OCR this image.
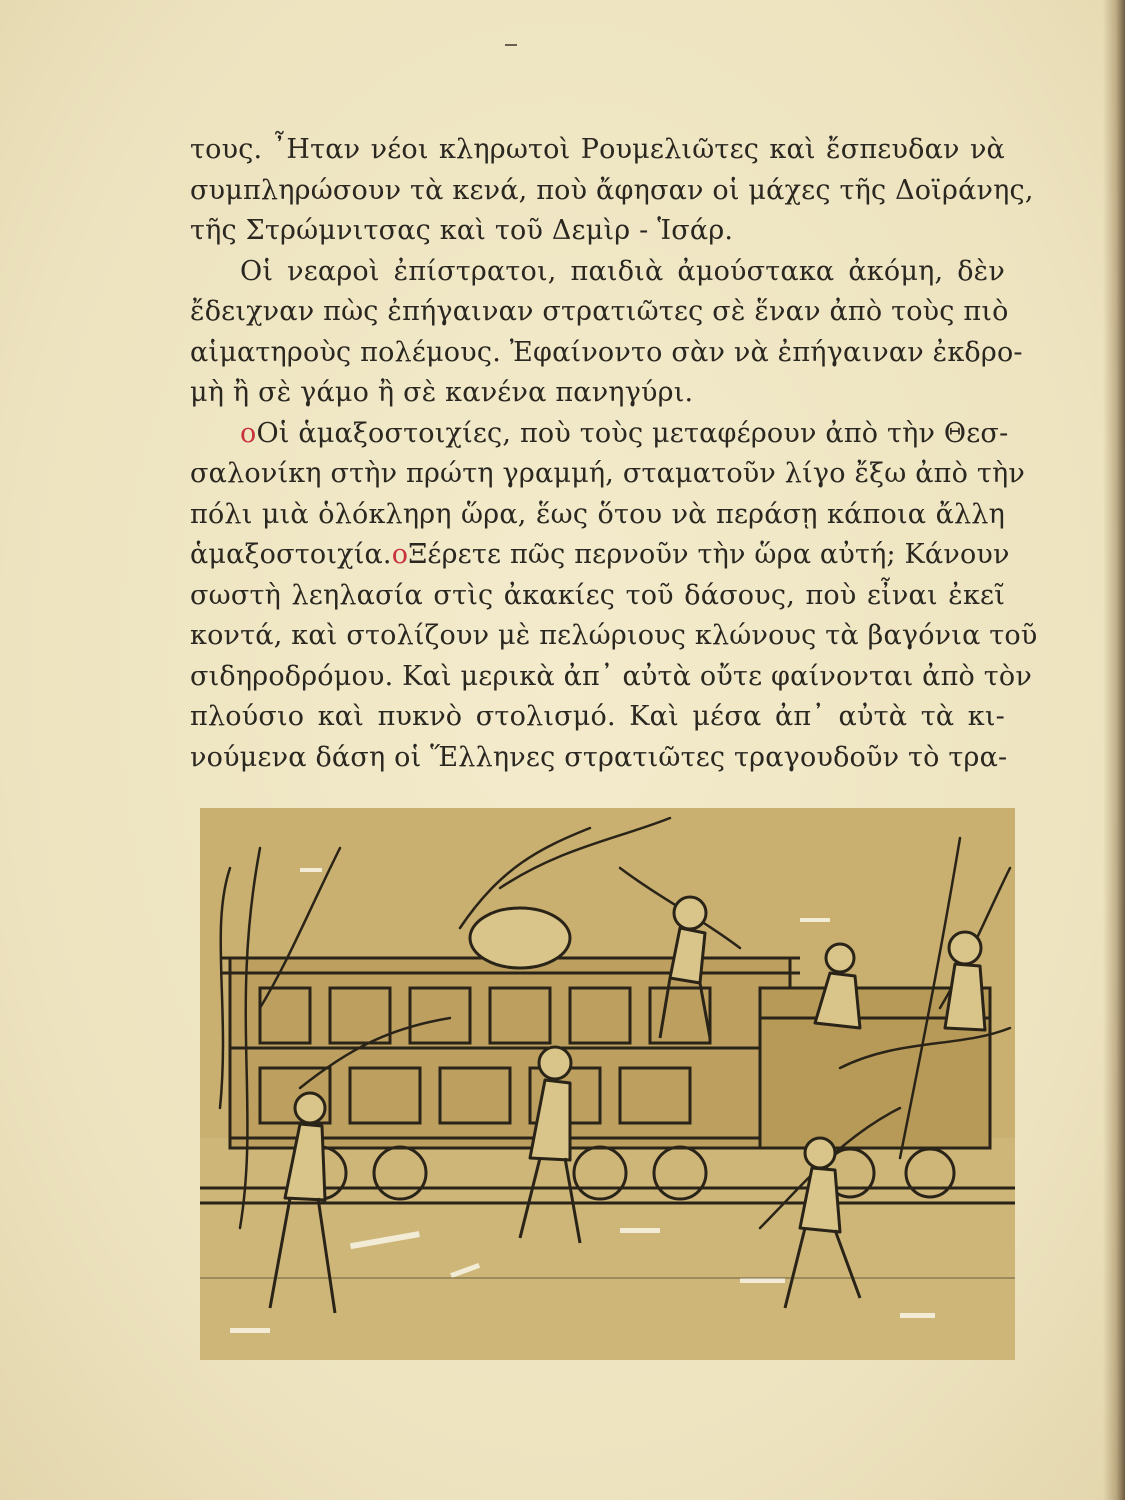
τους. ῏Ηταν νέοι κληρωτοὶ Ρουμελιῶτες καὶ ἔσπευδαν νὰ
συμπληρώσουν τὰ κενά, ποὺ ἄφησαν οἱ μάχες τῆς Δοϊράνης,
τῆς Στρώμνιτσας καὶ τοῦ Δεμὶρ - Ἱσάρ.

Οἱ νεαροὶ ἐπίστρατοι, παιδιὰ ἀμούστακα ἀκόμη, δὲν
ἔδειχναν πὼς ἐπήγαιναν στρατιῶτες σὲ ἕναν ἀπὸ τοὺς πιὸ
αἱματηροὺς πολέμους. Ἐφαίνοντο σὰν νὰ ἐπήγαιναν ἐκδρο-
μὴ ἢ σὲ γάμο ἢ σὲ κανένα πανηγύρι.

oΟἱ ἁμαξοστοιχίες, ποὺ τοὺς μεταφέρουν ἀπὸ τὴν Θεσ-
σαλονίκη στὴν πρώτη γραμμή, σταματοῦν λίγο ἔξω ἀπὸ τὴν
πόλι μιὰ ὁλόκληρη ὥρα, ἕως ὅτου νὰ περάσῃ κάποια ἄλλη
ἁμαξοστοιχία.oΞέρετε πῶς περνοῦν τὴν ὥρα αὐτή; Κάνουν
σωστὴ λεηλασία στὶς ἀκακίες τοῦ δάσους, ποὺ εἶναι ἐκεῖ
κοντά, καὶ στολίζουν μὲ πελώριους κλώνους τὰ βαγόνια τοῦ
σιδηροδρόμου. Καὶ μερικὰ ἀπ᾿ αὐτὰ οὔτε φαίνονται ἀπὸ τὸν
πλούσιο καὶ πυκνὸ στολισμό. Καὶ μέσα ἀπ᾿ αὐτὰ τὰ κι-
νούμενα δάση οἱ Ἕλληνες στρατιῶτες τραγουδοῦν τὸ τρα-
